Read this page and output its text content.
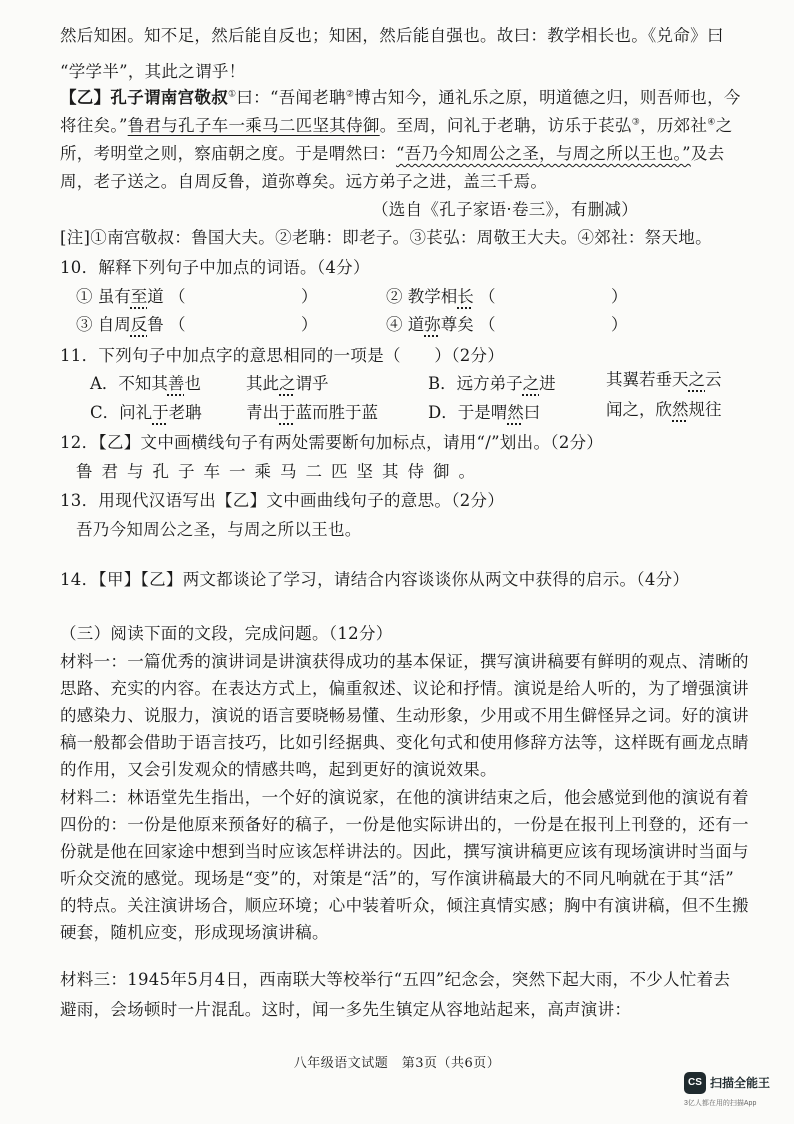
然后知困。知不足，然后能自反也；知困，然后能自强也。故曰：教学相长也。《兑命》曰
“学学半”，其此之谓乎！
【乙】孔子谓南宫敬叔①曰：“吾闻老聃②博古知今，通礼乐之原，明道德之归，则吾师也，今
将往矣。”鲁君与孔子车一乘马二匹坚其侍御。至周，问礼于老聃，访乐于苌弘③，历郊社④之
所，考明堂之则，察庙朝之度。于是喟然曰：“吾乃今知周公之圣，与周之所以王也。”及去
周，老子送之。自周反鲁，道弥尊矣。远方弟子之进，盖三千焉。
（选自《孔子家语·卷三》，有删减）
[注]①南宫敬叔：鲁国大夫。②老聃：即老子。③苌弘：周敬王大夫。④郊社：祭天地。
10．解释下列句子中加点的词语。（4分）
① 虽有至道 （　　　　　　　）	② 教学相长 （　　　　　　　）
③ 自周反鲁 （　　　　　　　）	④ 道弥尊矣 （　　　　　　　）
11．下列句子中加点字的意思相同的一项是（　　）（2分）
A．不知其善也	其此之谓乎	B．远方弟子之进	其翼若垂天之云
C．问礼于老聃	青出于蓝而胜于蓝	D．于是喟然曰	闻之，欣然规往
12．【乙】文中画横线句子有两处需要断句加标点，请用“/”划出。（2分）
鲁君与孔子车一乘马二匹坚其侍御。
13．用现代汉语写出【乙】文中画曲线句子的意思。（2分）
吾乃今知周公之圣，与周之所以王也。
14．【甲】【乙】两文都谈论了学习，请结合内容谈谈你从两文中获得的启示。（4分）
（三）阅读下面的文段，完成问题。（12分）
材料一：一篇优秀的演讲词是讲演获得成功的基本保证，撰写演讲稿要有鲜明的观点、清晰的
思路、充实的内容。在表达方式上，偏重叙述、议论和抒情。演说是给人听的，为了增强演讲
的感染力、说服力，演说的语言要晓畅易懂、生动形象，少用或不用生僻怪异之词。好的演讲
稿一般都会借助于语言技巧，比如引经据典、变化句式和使用修辞方法等，这样既有画龙点睛
的作用，又会引发观众的情感共鸣，起到更好的演说效果。
材料二：林语堂先生指出，一个好的演说家，在他的演讲结束之后，他会感觉到他的演说有着
四份的：一份是他原来预备好的稿子，一份是他实际讲出的，一份是在报刊上刊登的，还有一
份就是他在回家途中想到当时应该怎样讲法的。因此，撰写演讲稿更应该有现场演讲时当面与
听众交流的感觉。现场是“变”的，对策是“活”的，写作演讲稿最大的不同凡响就在于其“活”
的特点。关注演讲场合，顺应环境；心中装着听众，倾注真情实感；胸中有演讲稿，但不生搬
硬套，随机应变，形成现场演讲稿。
材料三：1945年5月4日，西南联大等校举行“五四”纪念会，突然下起大雨，不少人忙着去
避雨，会场顿时一片混乱。这时，闻一多先生镇定从容地站起来，高声演讲：
八年级语文试题　第3页（共6页）
CS 扫描全能王
3亿人都在用的扫描App
